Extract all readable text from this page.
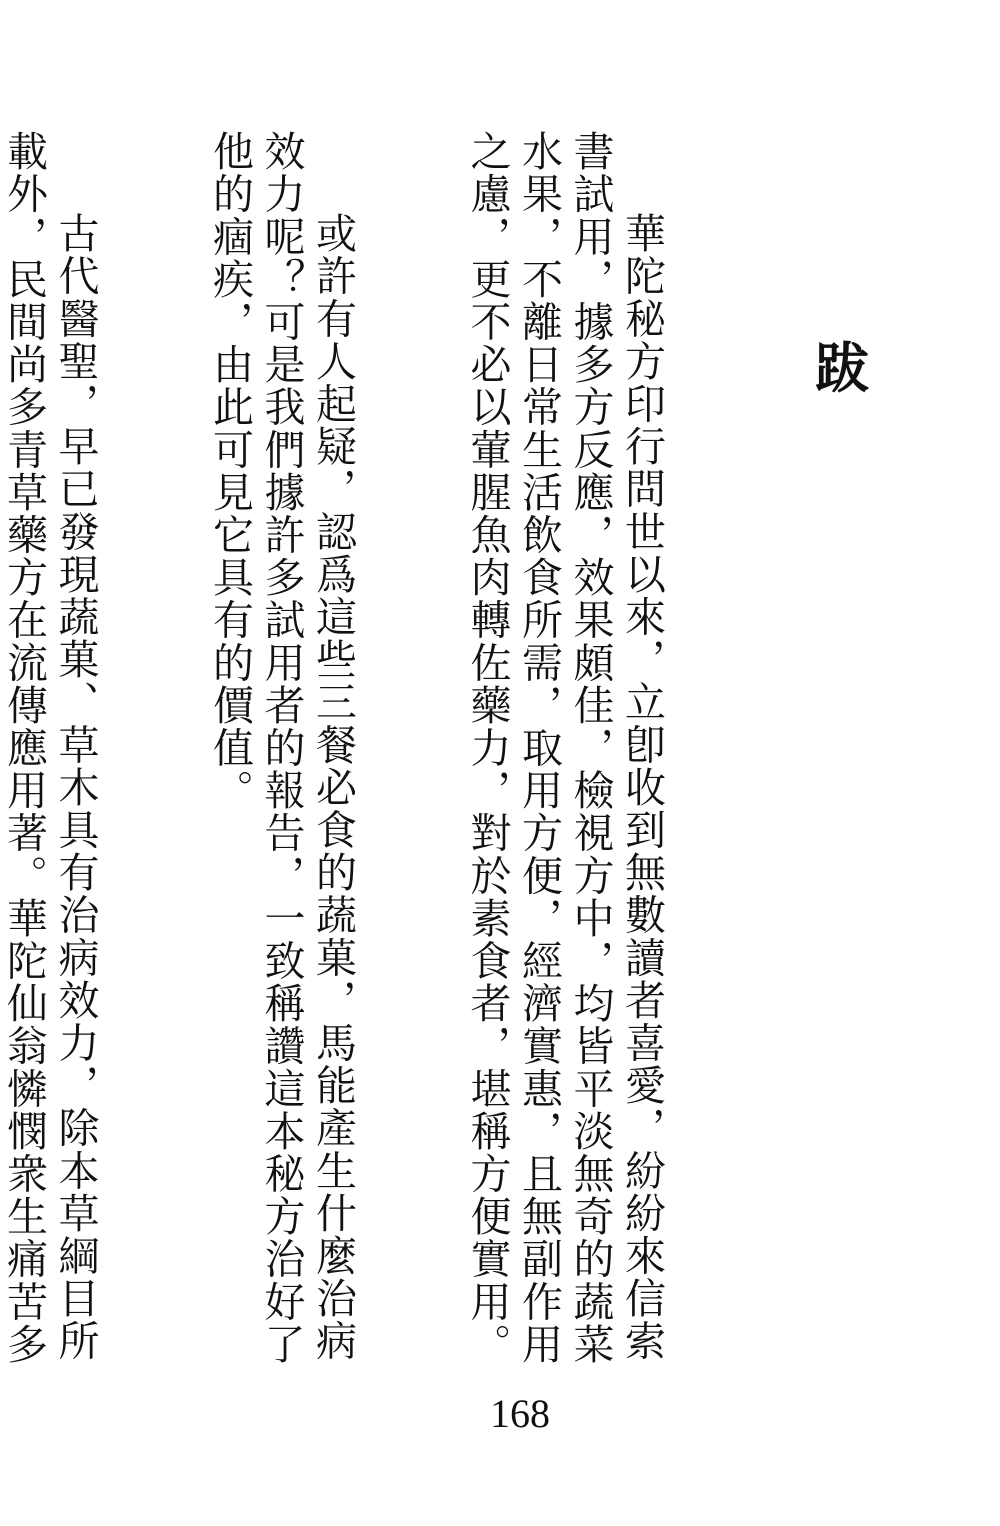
跋

華陀秘方印行問世以來，立卽收到無數讀者喜愛，紛紛來信索書試用，據多方反應，效果頗佳，檢視方中，均皆平淡無奇的蔬菜水果，不離日常生活飲食所需，取用方便，經濟實惠，且無副作用之慮，更不必以葷腥魚肉轉佐藥力，對於素食者，堪稱方便實用。

或許有人起疑，認爲這些三餐必食的蔬菓，馬能產生什麼治病效力呢？可是我們據許多試用者的報告，一致稱讚這本秘方治好了他的痼疾，由此可見它具有的價值。

古代醫聖，早已發現蔬菓、草木具有治病效力，除本草綱目所載外，民間尚多青草藥方在流傳應用著。華陀仙翁憐憫衆生痛苦多

168
